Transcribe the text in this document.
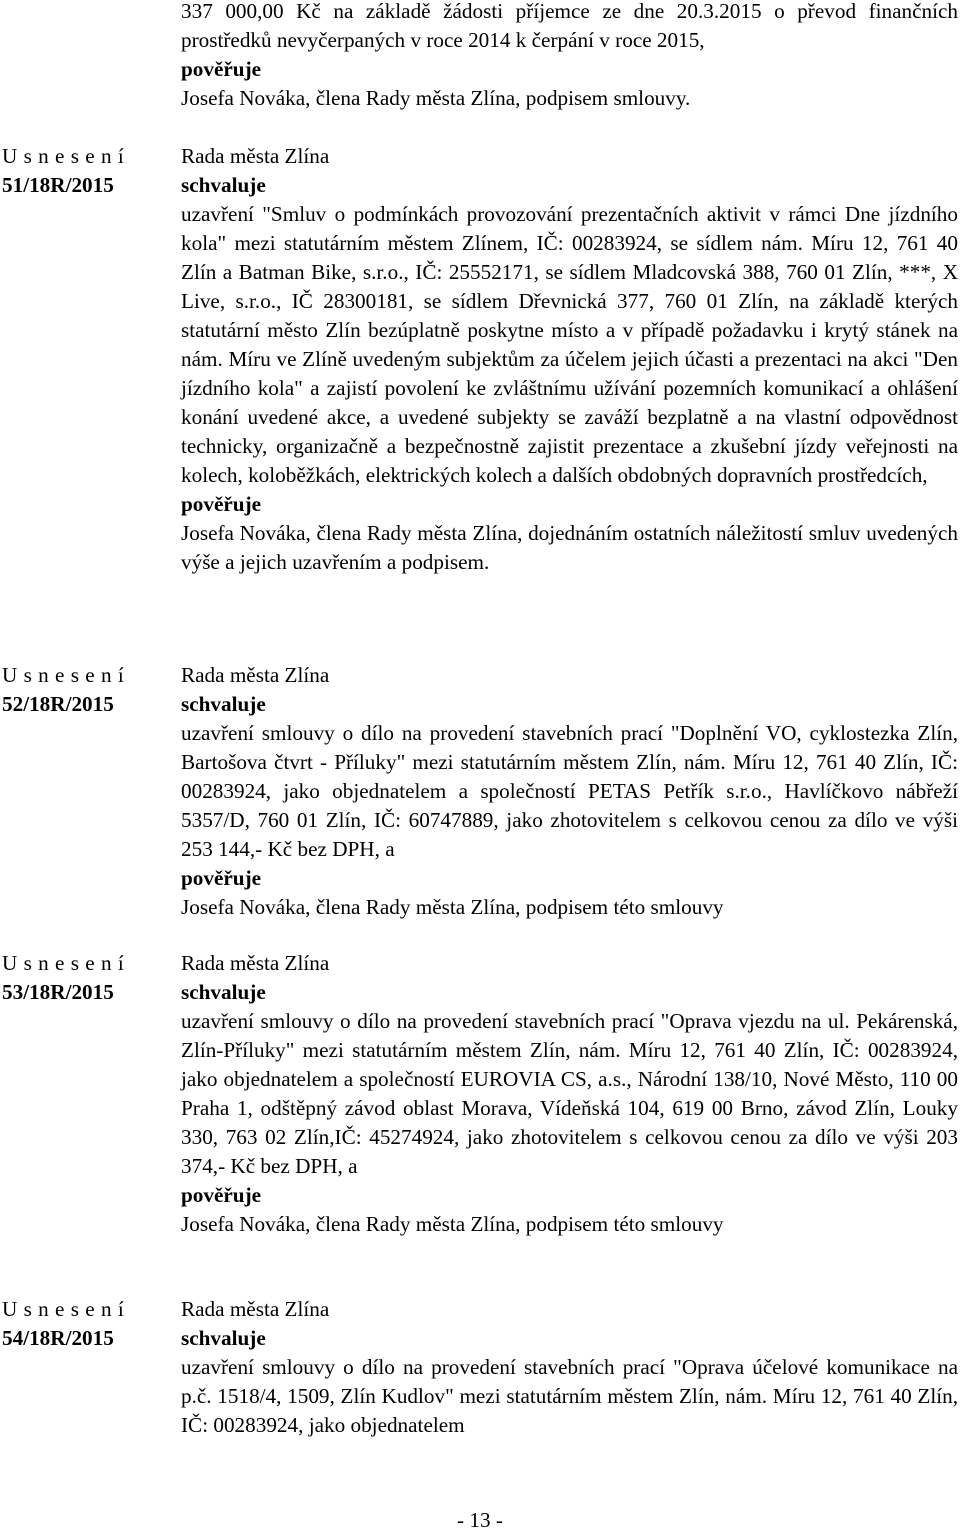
337 000,00 Kč na základě žádosti příjemce ze dne 20.3.2015 o převod finančních prostředků nevyčerpaných v roce 2014 k čerpání v roce 2015,

pověřuje

Josefa Nováka, člena Rady města Zlína, podpisem smlouvy.

U s n e s e n í
51/18R/2015

Rada města Zlína

schvaluje

uzavření "Smluv o podmínkách provozování prezentačních aktivit v rámci Dne jízdního kola" mezi statutárním městem Zlínem, IČ: 00283924, se sídlem nám. Míru 12, 761 40 Zlín a Batman Bike, s.r.o., IČ: 25552171, se sídlem Mladcovská 388, 760 01 Zlín, ***, X Live, s.r.o., IČ 28300181, se sídlem Dřevnická 377, 760 01 Zlín, na základě kterých statutární město Zlín bezúplatně poskytne místo a v případě požadavku i krytý stánek na nám. Míru ve Zlíně uvedeným subjektům za účelem jejich účasti a prezentaci na akci "Den jízdního kola" a zajistí povolení ke zvláštnímu užívání pozemních komunikací a ohlášení konání uvedené akce, a uvedené subjekty se zaváží bezplatně a na vlastní odpovědnost technicky, organizačně a bezpečnostně zajistit prezentace a zkušební jízdy veřejnosti na kolech, koloběžkách, elektrických kolech a dalších obdobných dopravních prostředcích,

pověřuje

Josefa Nováka, člena Rady města Zlína, dojednáním ostatních náležitostí smluv uvedených výše a jejich uzavřením a podpisem.

U s n e s e n í
52/18R/2015

Rada města Zlína

schvaluje

uzavření smlouvy o dílo na provedení stavebních prací "Doplnění VO, cyklostezka Zlín, Bartošova čtvrt - Příluky" mezi statutárním městem Zlín, nám. Míru 12, 761 40 Zlín, IČ: 00283924, jako objednatelem a společností PETAS Petřík s.r.o., Havlíčkovo nábřeží 5357/D, 760 01 Zlín, IČ: 60747889, jako zhotovitelem s celkovou cenou za dílo ve výši 253 144,- Kč bez DPH, a

pověřuje

Josefa Nováka, člena Rady města Zlína, podpisem této smlouvy

U s n e s e n í
53/18R/2015

Rada města Zlína

schvaluje

uzavření smlouvy o dílo na provedení stavebních prací "Oprava vjezdu na ul. Pekárenská, Zlín-Příluky" mezi statutárním městem Zlín, nám. Míru 12, 761 40 Zlín, IČ: 00283924, jako objednatelem a společností EUROVIA CS, a.s., Národní 138/10, Nové Město, 110 00 Praha 1, odštěpný závod oblast Morava, Vídeňská 104, 619 00 Brno, závod Zlín, Louky 330, 763 02 Zlín,IČ: 45274924, jako zhotovitelem s celkovou cenou za dílo ve výši 203 374,- Kč bez DPH, a

pověřuje

Josefa Nováka, člena Rady města Zlína, podpisem této smlouvy

U s n e s e n í
54/18R/2015

Rada města Zlína

schvaluje

uzavření smlouvy o dílo na provedení stavebních prací "Oprava účelové komunikace na p.č. 1518/4, 1509, Zlín Kudlov" mezi statutárním městem Zlín, nám. Míru 12, 761 40 Zlín, IČ: 00283924, jako objednatelem

- 13 -
